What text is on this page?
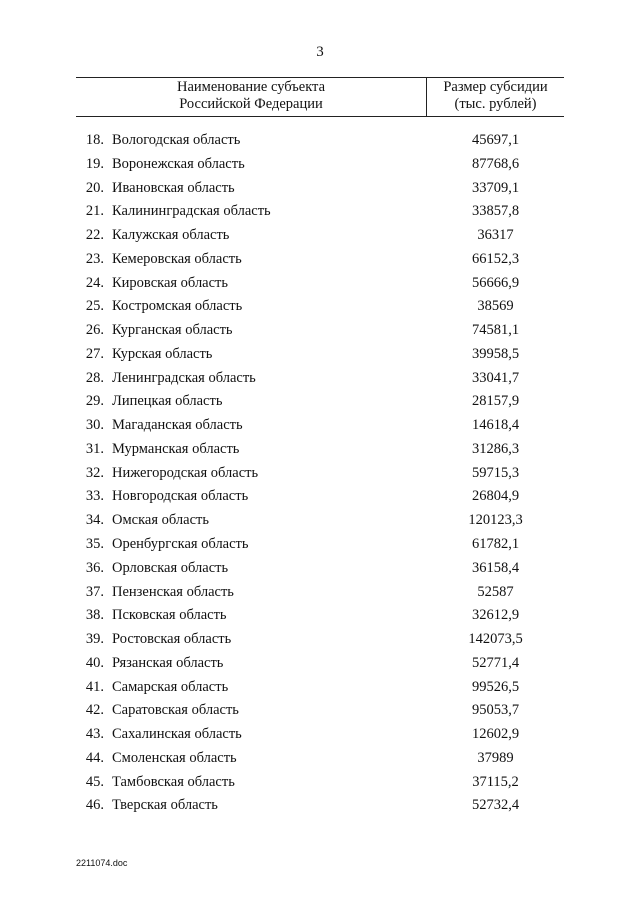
3
Наименование субъекта
Российской Федерации
Размер субсидии
(тыс. рублей)
18. Вологодская область	45697,1
19. Воронежская область	87768,6
20. Ивановская область	33709,1
21. Калининградская область	33857,8
22. Калужская область	36317
23. Кемеровская область	66152,3
24. Кировская область	56666,9
25. Костромская область	38569
26. Курганская область	74581,1
27. Курская область	39958,5
28. Ленинградская область	33041,7
29. Липецкая область	28157,9
30. Магаданская область	14618,4
31. Мурманская область	31286,3
32. Нижегородская область	59715,3
33. Новгородская область	26804,9
34. Омская область	120123,3
35. Оренбургская область	61782,1
36. Орловская область	36158,4
37. Пензенская область	52587
38. Псковская область	32612,9
39. Ростовская область	142073,5
40. Рязанская область	52771,4
41. Самарская область	99526,5
42. Саратовская область	95053,7
43. Сахалинская область	12602,9
44. Смоленская область	37989
45. Тамбовская область	37115,2
46. Тверская область	52732,4
2211074.doc
